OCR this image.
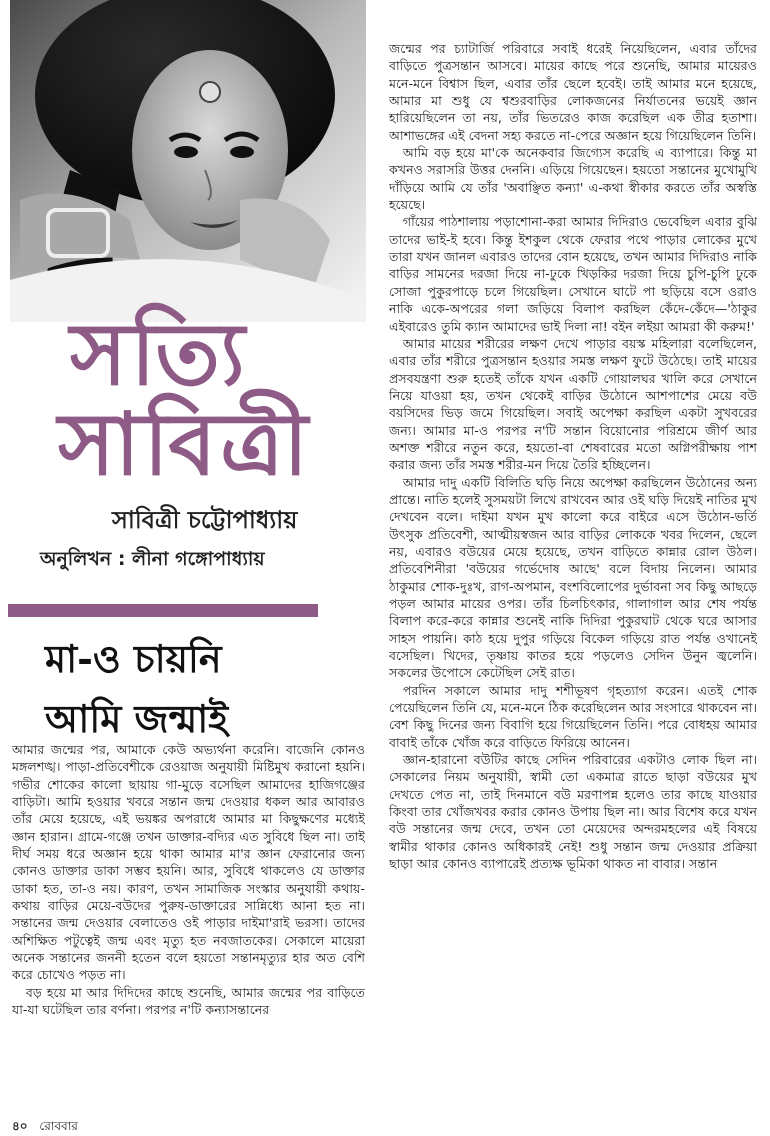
সত্যি
সাবিত্রী
সাবিত্রী চট্টোপাধ্যায়
অনুলিখন : লীনা গঙ্গোপাধ্যায়
মা-ও চায়নি
আমি জন্মাই

আমার জন্মের পর, আমাকে কেউ অভ্যর্থনা করেনি। বাজেনি কোনও মঙ্গলশঙ্খ। পাড়া-প্রতিবেশীকে রেওয়াজ অনুযায়ী মিষ্টিমুখ করানো হয়নি। গভীর শোকের কালো ছায়ায় গা-মুড়ে বসেছিল আমাদের হাজিগঞ্জের বাড়িটা। আমি হওয়ার খবরে সন্তান জন্ম দেওয়ার ধকল আর আবারও তাঁর মেয়ে হয়েছে, এই ভয়ঙ্কর অপরাধে আমার মা কিছুক্ষণের মধ্যেই জ্ঞান হারান। গ্রামে-গঞ্জে তখন ডাক্তার-বদ্যির এত সুবিধে ছিল না। তাই দীর্ঘ সময় ধরে অজ্ঞান হয়ে থাকা আমার মা'র জ্ঞান ফেরানোর জন্য কোনও ডাক্তার ডাকা সম্ভব হয়নি। আর, সুবিধে থাকলেও যে ডাক্তার ডাকা হত, তা-ও নয়। কারণ, তখন সামাজিক সংস্কার অনুযায়ী কথায়-কথায় বাড়ির মেয়ে-বউদের পুরুষ-ডাক্তারের সান্নিধ্যে আনা হত না। সন্তানের জন্ম দেওয়ার বেলাতেও ওই পাড়ার দাইমা'রাই ভরসা। তাদের অশিক্ষিত পটুত্বেই জন্ম এবং মৃত্যু হত নবজাতকের। সেকালে মায়েরা অনেক সন্তানের জননী হতেন বলে হয়তো সন্তানমৃত্যুর হার অত বেশি করে চোখেও পড়ত না।

বড় হয়ে মা আর দিদিদের কাছে শুনেছি, আমার জন্মের পর বাড়িতে যা-যা ঘটেছিল তার বর্ণনা। পরপর ন'টি কন্যাসন্তানের

জন্মের পর চ্যাটার্জি পরিবারে সবাই ধরেই নিয়েছিলেন, এবার তাঁদের বাড়িতে পুত্রসন্তান আসবে। মায়ের কাছে পরে শুনেছি, আমার মায়েরও মনে-মনে বিশ্বাস ছিল, এবার তাঁর ছেলে হবেই। তাই আমার মনে হয়েছে, আমার মা শুধু যে শ্বশুরবাড়ির লোকজনের নির্যাতনের ভয়েই জ্ঞান হারিয়েছিলেন তা নয়, তাঁর ভিতরেও কাজ করেছিল এক তীব্র হতাশা। আশাভঙ্গের এই বেদনা সহ্য করতে না-পেরে অজ্ঞান হয়ে গিয়েছিলেন তিনি।

আমি বড় হয়ে মা'কে অনেকবার জিগ্যেস করেছি এ ব্যাপারে। কিন্তু মা কখনও সরাসরি উত্তর দেননি। এড়িয়ে গিয়েছেন। হয়তো সন্তানের মুখোমুখি দাঁড়িয়ে আমি যে তাঁর 'অবাঞ্ছিত কন্যা' এ-কথা স্বীকার করতে তাঁর অস্বস্তি হয়েছে।

গাঁয়ের পাঠশালায় পড়াশোনা-করা আমার দিদিরাও ভেবেছিল এবার বুঝি তাদের ভাই-ই হবে। কিন্তু ইশকুল থেকে ফেরার পথে পাড়ার লোকের মুখে তারা যখন জানল এবারও তাদের বোন হয়েছে, তখন আমার দিদিরাও নাকি বাড়ির সামনের দরজা দিয়ে না-ঢুকে খিড়কির দরজা দিয়ে চুপি-চুপি ঢুকে সোজা পুকুরপাড়ে চলে গিয়েছিল। সেখানে ঘাটে পা ছড়িয়ে বসে ওরাও নাকি একে-অপরের গলা জড়িয়ে বিলাপ করছিল কেঁদে-কেঁদে—'ঠাকুর এইবারেও তুমি ক্যান আমাদের ভাই দিলা না! বইন লইয়া আমরা কী করুম!'

আমার মায়ের শরীরের লক্ষণ দেখে পাড়ার বয়স্ক মহিলারা বলেছিলেন, এবার তাঁর শরীরে পুত্রসন্তান হওয়ার সমস্ত লক্ষণ ফুটে উঠেছে। তাই মায়ের প্রসবযন্ত্রণা শুরু হতেই তাঁকে যখন একটি গোয়ালঘর খালি করে সেখানে নিয়ে যাওয়া হয়, তখন থেকেই বাড়ির উঠোনে আশপাশের মেয়ে বউ বয়সিদের ভিড় জমে গিয়েছিল। সবাই অপেক্ষা করছিল একটা সুখবরের জন্য। আমার মা-ও পরপর ন'টি সন্তান বিয়োনোর পরিশ্রমে জীর্ণ আর অশক্ত শরীরে নতুন করে, হয়তো-বা শেষবারের মতো অগ্নিপরীক্ষায় পাশ করার জন্য তাঁর সমস্ত শরীর-মন দিয়ে তৈরি হচ্ছিলেন।

আমার দাদু একটি বিলিতি ঘড়ি নিয়ে অপেক্ষা করছিলেন উঠোনের অন্য প্রান্তে। নাতি হলেই সুসময়টা লিখে রাখবেন আর ওই ঘড়ি দিয়েই নাতির মুখ দেখবেন বলে। দাইমা যখন মুখ কালো করে বাইরে এসে উঠোন-ভর্তি উৎসুক প্রতিবেশী, আত্মীয়স্বজন আর বাড়ির লোককে খবর দিলেন, ছেলে নয়, এবারও বউয়ের মেয়ে হয়েছে, তখন বাড়িতে কান্নার রোল উঠল। প্রতিবেশিনীরা 'বউয়ের গর্ভেদোষ আছে' বলে বিদায় নিলেন। আমার ঠাকুমার শোক-দুঃখ, রাগ-অপমান, বংশবিলোপের দুর্ভাবনা সব কিছু আছড়ে পড়ল আমার মায়ের ওপর। তাঁর চিলচিৎকার, গালাগাল আর শেষ পর্যন্ত বিলাপ করে-করে কান্নার শুনেই নাকি দিদিরা পুকুরঘাট থেকে ঘরে আসার সাহস পায়নি। কাঠ হয়ে দুপুর গড়িয়ে বিকেল গড়িয়ে রাত পর্যন্ত ওখানেই বসেছিল। খিদের, তৃষ্ণায় কাতর হয়ে পড়লেও সেদিন উনুন জ্বলেনি। সকলের উপোসে কেটেছিল সেই রাত।

পরদিন সকালে আমার দাদু শশীভূষণ গৃহত্যাগ করেন। এতই শোক পেয়েছিলেন তিনি যে, মনে-মনে ঠিক করেছিলেন আর সংসারে থাকবেন না। বেশ কিছু দিনের জন্য বিবাগি হয়ে গিয়েছিলেন তিনি। পরে বোধহয় আমার বাবাই তাঁকে খোঁজ করে বাড়িতে ফিরিয়ে আনেন।

জ্ঞান-হারানো বউটির কাছে সেদিন পরিবারের একটাও লোক ছিল না। সেকালের নিয়ম অনুযায়ী, স্বামী তো একমাত্র রাতে ছাড়া বউয়ের মুখ দেখতে পেত না, তাই দিনমানে বউ মরণাপন্ন হলেও তার কাছে যাওয়ার কিংবা তার খোঁজখবর করার কোনও উপায় ছিল না। আর বিশেষ করে যখন বউ সন্তানের জন্ম দেবে, তখন তো মেয়েদের অন্দরমহলের এই বিষয়ে স্বামীর থাকার কোনও অধিকারই নেই! শুধু সন্তান জন্ম দেওয়ার প্রক্রিয়া ছাড়া আর কোনও ব্যাপারেই প্রত্যক্ষ ভূমিকা থাকত না বাবার। সন্তান

৪০ রোববার
